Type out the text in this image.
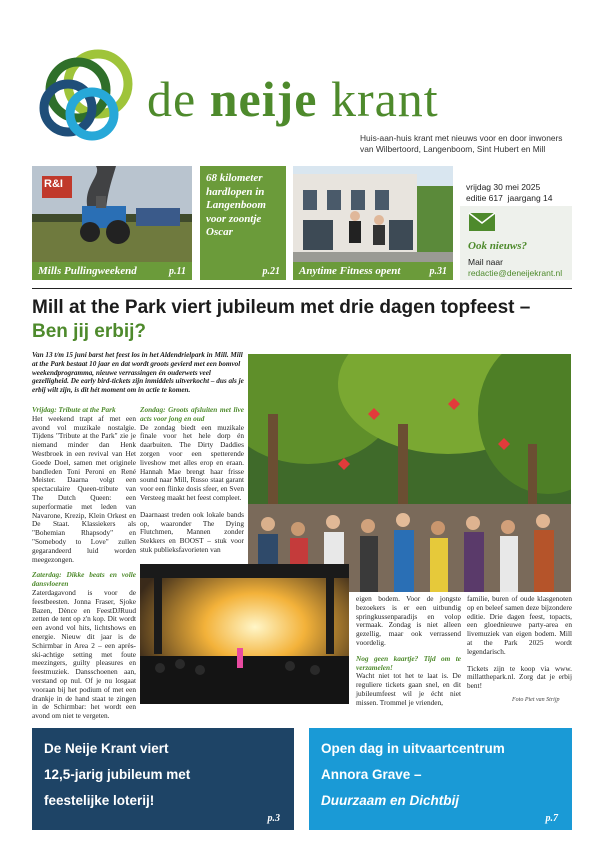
de neije krant
Huis-aan-huis krant met nieuws voor en door inwoners
van Wilbertoord, Langenboom, Sint Hubert en Mill
R&I
Mills Pullingweekend	p.11
68 kilometer hardlopen in Langenboom voor zoontje Oscar
p.21 Anytime Fitness opent	p.31
vrijdag 30 mei 2025
editie 617  jaargang 14
Ook nieuws?
Mail naar
redactie@deneijekrant.nl
Mill at the Park viert jubileum met drie dagen topfeest –
Ben jij erbij?
Van 13 t/m 15 juni barst het feest los in het Aldendrielpark in Mill. Mill at the Park bestaat 10 jaar en dat wordt groots gevierd met een bomvol weekendprogramma, nieuwe verrassingen én ouderwets veel gezelligheid. De early bird-tickets zijn inmiddels uitverkocht – dus als je erbij wilt zijn, is dit hét moment om in actie te komen.
Vrijdag: Tribute at the Park
Het weekend trapt af met een avond vol muzikale nostalgie. Tijdens "Tribute at the Park" zie je niemand minder dan Henk Westbroek in een revival van Het Goede Doel, samen met originele bandleden Toni Peroni en René Meister. Daarna volgt een spectaculaire Queen-tribute van The Dutch Queen: een superformatie met leden van Navarone, Krezip, Klein Orkest en De Staat. Klassiekers als "Bohemian Rhapsody" en "Somebody to Love" zullen gegarandeerd luid worden meegezongen.
Zaterdag: Dikke beats en volle dansvloeren
Zaterdagavond is voor de feestbeesten. Jonna Fraser, Sjoke Bazen, Dènce en FeestDJRuud zetten de tent op z'n kop. Dit wordt een avond vol hits, lichtshows en energie. Nieuw dit jaar is de Schirmbar in Area 2 – een après-ski-achtige setting met foute meezingers, guilty pleasures en feestmuziek. Dansschoenen aan, verstand op nul. Of je nu losgaat vooraan bij het podium of met een drankje in de hand staat te zingen in de Schirmbar: het wordt een avond om niet te vergeten.
Zondag: Groots afsluiten met live acts voor jong en oud
De zondag biedt een muzikale finale voor het hele dorp én daarbuiten. The Dirty Daddies zorgen voor een spetterende liveshow met alles erop en eraan. Hannah Mae brengt haar frisse sound naar Mill, Russo staat garant voor een flinke dosis sfeer, en Sven Versteeg maakt het feest compleet.
Daarnaast treden ook lokale bands op, waaronder The Dying Flutchmen, Mannen zonder Stekkers en BOOST – stuk voor stuk publieksfavorieten van
eigen bodem. Voor de jongste bezoekers is er een uitbundig springkussenparadijs en volop vermaak. Zondag is niet alleen gezellig, maar ook verrassend voordelig.
Nog geen kaartje? Tijd om te verzamelen!
Wacht niet tot het te laat is. De reguliere tickets gaan snel, en dit jubileumfeest wil je écht niet missen. Trommel je vrienden,
familie, buren of oude klasgenoten op en beleef samen deze bijzondere editie. Drie dagen feest, topacts, een gloednieuwe party-area en livemuziek van eigen bodem. Mill at the Park 2025 wordt legendarisch.
Tickets zijn te koop via www. millatthepark.nl. Zorg dat je erbij bent!
Foto Piet van Strijp
De Neije Krant viert
12,5-jarig jubileum met
feestelijke loterij!
p.3
Open dag in uitvaartcentrum
Annora Grave –
Duurzaam en Dichtbij
p.7
